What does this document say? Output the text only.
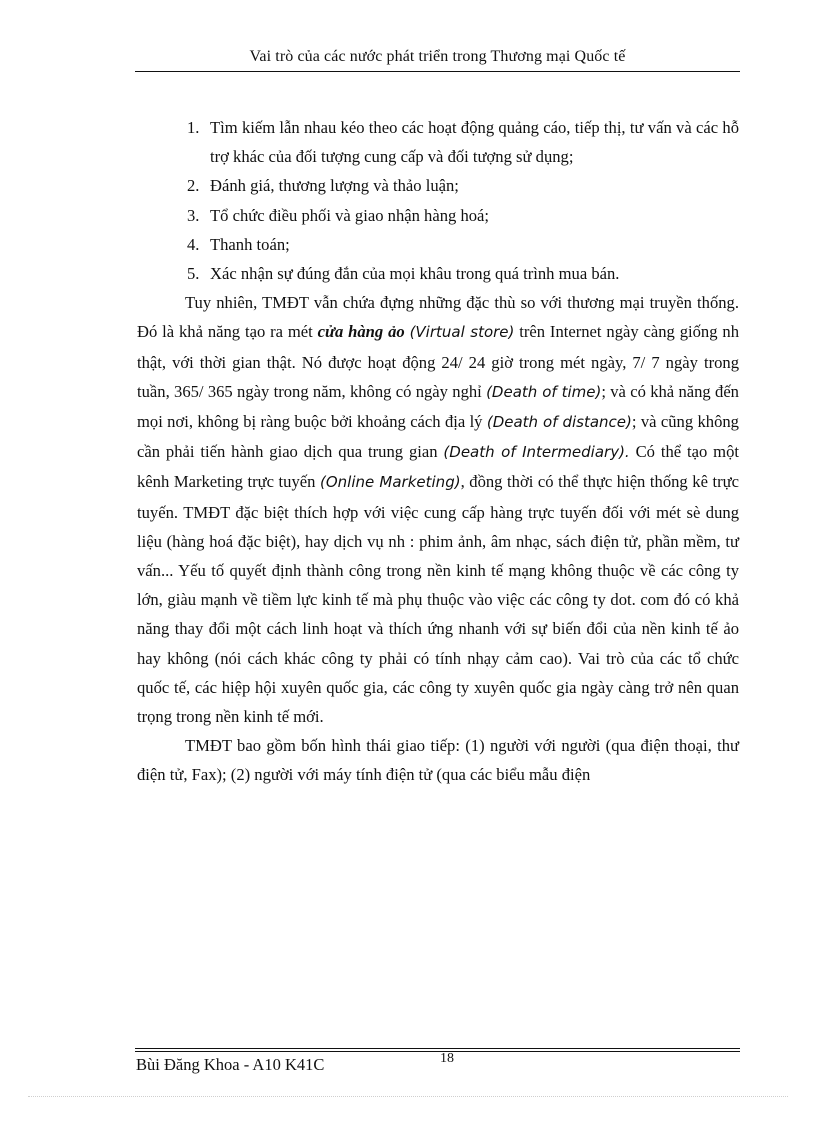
Vai trò của các nước phát triển trong Thương mại Quốc tế
1. Tìm kiếm lẫn nhau kéo theo các hoạt động quảng cáo, tiếp thị, tư vấn và các hỗ trợ khác của đối tượng cung cấp và đối tượng sử dụng;
2. Đánh giá, thương lượng và thảo luận;
3. Tổ chức điều phối và giao nhận hàng hoá;
4. Thanh toán;
5. Xác nhận sự đúng đắn của mọi khâu trong quá trình mua bán.

Tuy nhiên, TMĐT vẫn chứa đựng những đặc thù so với thương mại truyền thống. Đó là khả năng tạo ra mét cửa hàng ảo (Virtual store) trên Internet ngày càng giống nh thật, với thời gian thật. Nó được hoạt động 24/ 24 giờ trong mét ngày, 7/ 7 ngày trong tuần, 365/ 365 ngày trong năm, không có ngày nghỉ (Death of time); và có khả năng đến mọi nơi, không bị ràng buộc bởi khoảng cách địa lý (Death of distance); và cũng không cần phải tiến hành giao dịch qua trung gian (Death of Intermediary). Có thể tạo một kênh Marketing trực tuyến (Online Marketing), đồng thời có thể thực hiện thống kê trực tuyến. TMĐT đặc biệt thích hợp với việc cung cấp hàng trực tuyến đối với mét sè dung liệu (hàng hoá đặc biệt), hay dịch vụ nh : phim ảnh, âm nhạc, sách điện tử, phần mềm, tư vấn... Yếu tố quyết định thành công trong nền kinh tế mạng không thuộc về các công ty lớn, giàu mạnh về tiềm lực kinh tế mà phụ thuộc vào việc các công ty dot. com đó có khả năng thay đổi một cách linh hoạt và thích ứng nhanh với sự biến đổi của nền kinh tế ảo hay không (nói cách khác công ty phải có tính nhạy cảm cao). Vai trò của các tổ chức quốc tế, các hiệp hội xuyên quốc gia, các công ty xuyên quốc gia ngày càng trở nên quan trọng trong nền kinh tế mới.

TMĐT bao gồm bốn hình thái giao tiếp: (1) người với người (qua điện thoại, thư điện tử, Fax); (2) người với máy tính điện tử (qua các biểu mẫu điện

Bùi Đăng Khoa - A10 K41C	18
